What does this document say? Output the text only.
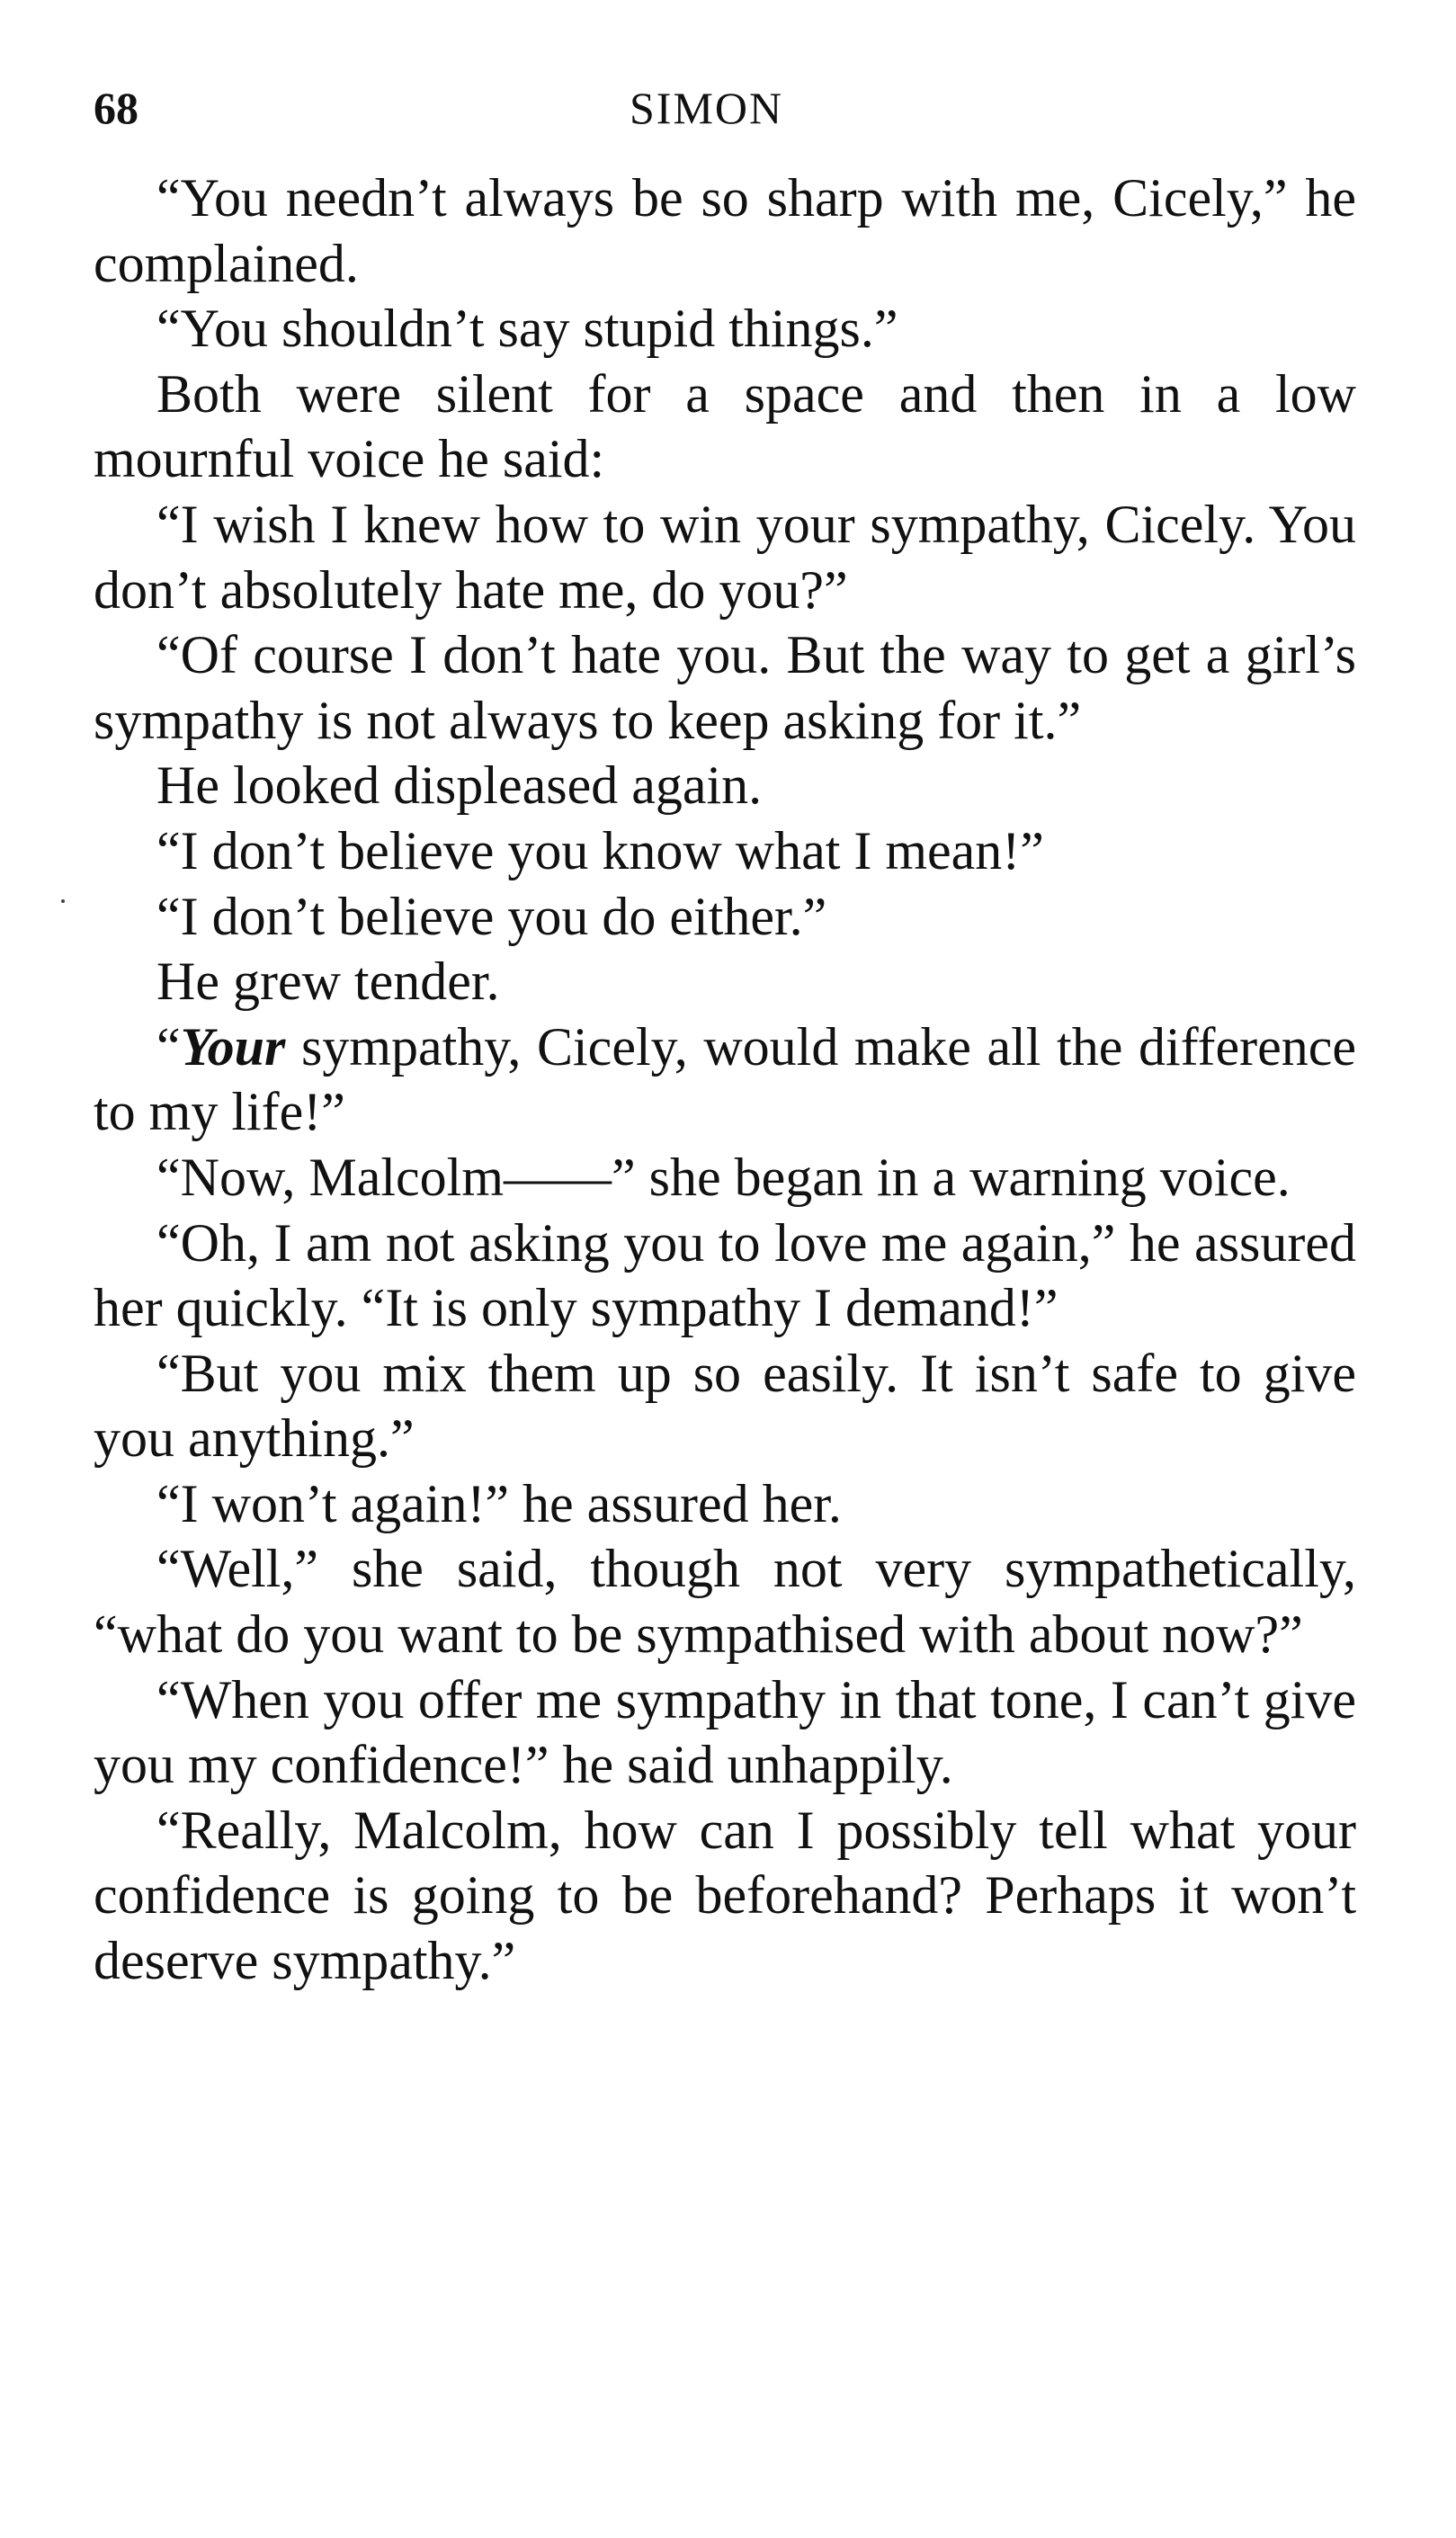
68	SIMON

“You needn’t always be so sharp with me, Cicely,” he complained.

“You shouldn’t say stupid things.”

Both were silent for a space and then in a low mournful voice he said:

“I wish I knew how to win your sympathy, Cicely. You don’t absolutely hate me, do you?”

“Of course I don’t hate you. But the way to get a girl’s sympathy is not always to keep asking for it.”

He looked displeased again.

“I don’t believe you know what I mean!”

“I don’t believe you do either.”

He grew tender.

“Your sympathy, Cicely, would make all the difference to my life!”

“Now, Malcolm——” she began in a warning voice.

“Oh, I am not asking you to love me again,” he assured her quickly. “It is only sympathy I demand!”

“But you mix them up so easily. It isn’t safe to give you anything.”

“I won’t again!” he assured her.

“Well,” she said, though not very sympathetically, “what do you want to be sympathised with about now?”

“When you offer me sympathy in that tone, I can’t give you my confidence!” he said unhappily.

“Really, Malcolm, how can I possibly tell what your confidence is going to be beforehand? Perhaps it won’t deserve sympathy.”
